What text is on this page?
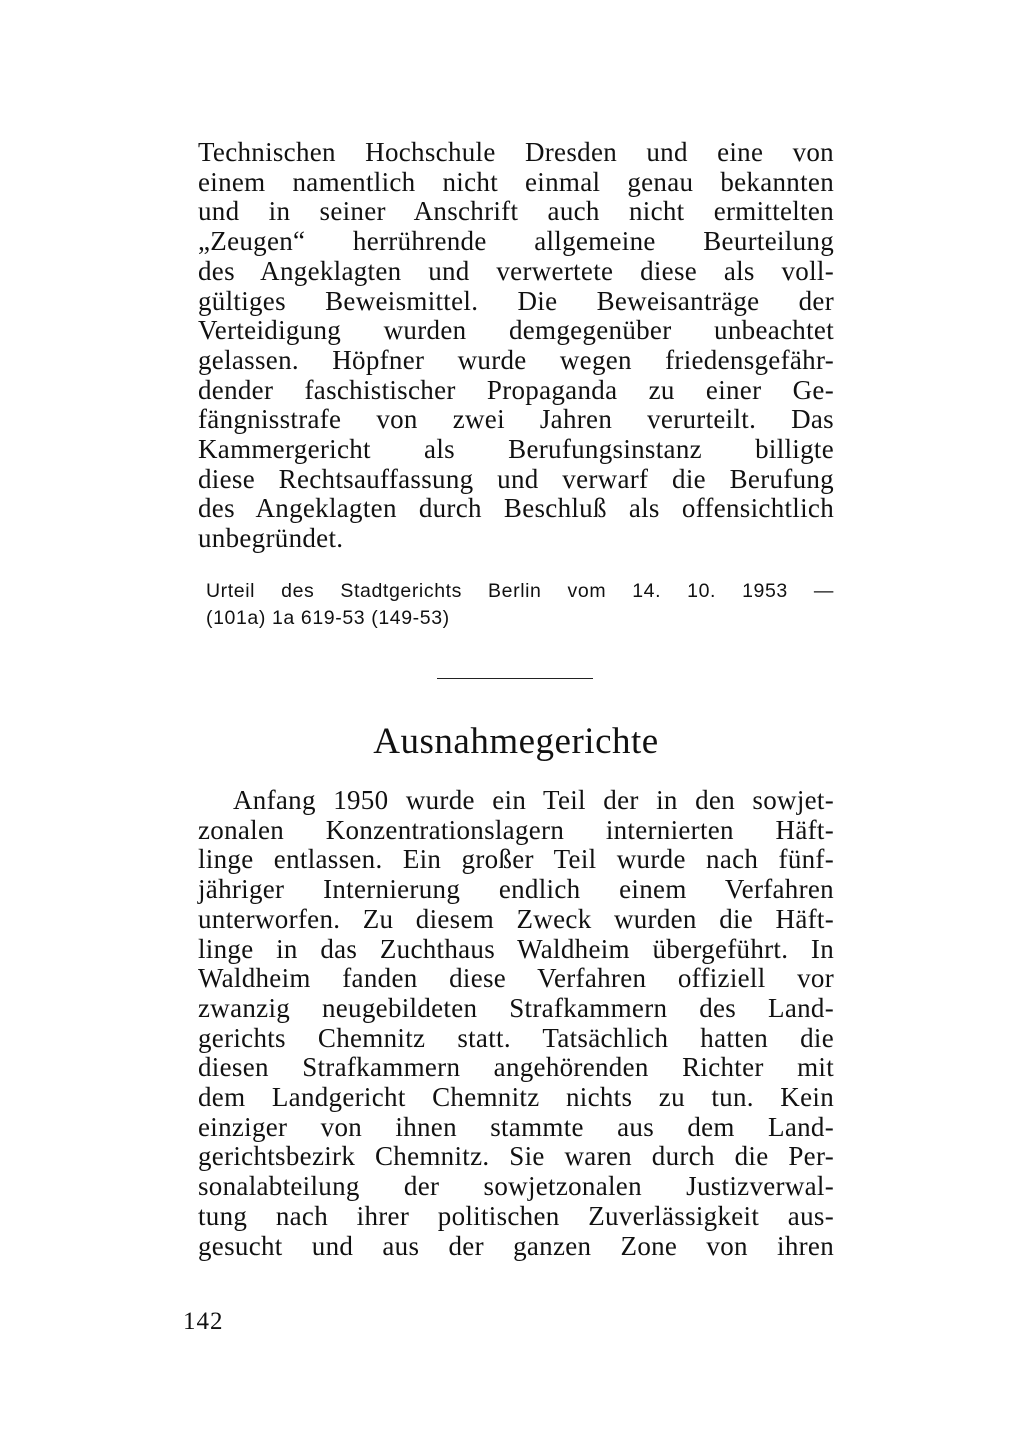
Technischen Hochschule Dresden und eine von
einem namentlich nicht einmal genau bekannten
und in seiner Anschrift auch nicht ermittelten
„Zeugen“ herrührende allgemeine Beurteilung
des Angeklagten und verwertete diese als voll-
gültiges Beweismittel. Die Beweisanträge der
Verteidigung wurden demgegenüber unbeachtet
gelassen. Höpfner wurde wegen friedensgefähr-
dender faschistischer Propaganda zu einer Ge-
fängnisstrafe von zwei Jahren verurteilt. Das
Kammergericht als Berufungsinstanz billigte
diese Rechtsauffassung und verwarf die Berufung
des Angeklagten durch Beschluß als offensichtlich
unbegründet.

Urteil des Stadtgerichts Berlin vom 14. 10. 1953 —
(101a) 1a 619-53 (149-53)

Ausnahmegerichte

Anfang 1950 wurde ein Teil der in den sowjet-
zonalen Konzentrationslagern internierten Häft-
linge entlassen. Ein großer Teil wurde nach fünf-
jähriger Internierung endlich einem Verfahren
unterworfen. Zu diesem Zweck wurden die Häft-
linge in das Zuchthaus Waldheim übergeführt. In
Waldheim fanden diese Verfahren offiziell vor
zwanzig neugebildeten Strafkammern des Land-
gerichts Chemnitz statt. Tatsächlich hatten die
diesen Strafkammern angehörenden Richter mit
dem Landgericht Chemnitz nichts zu tun. Kein
einziger von ihnen stammte aus dem Land-
gerichtsbezirk Chemnitz. Sie waren durch die Per-
sonalabteilung der sowjetzonalen Justizverwal-
tung nach ihrer politischen Zuverlässigkeit aus-
gesucht und aus der ganzen Zone von ihren

142
